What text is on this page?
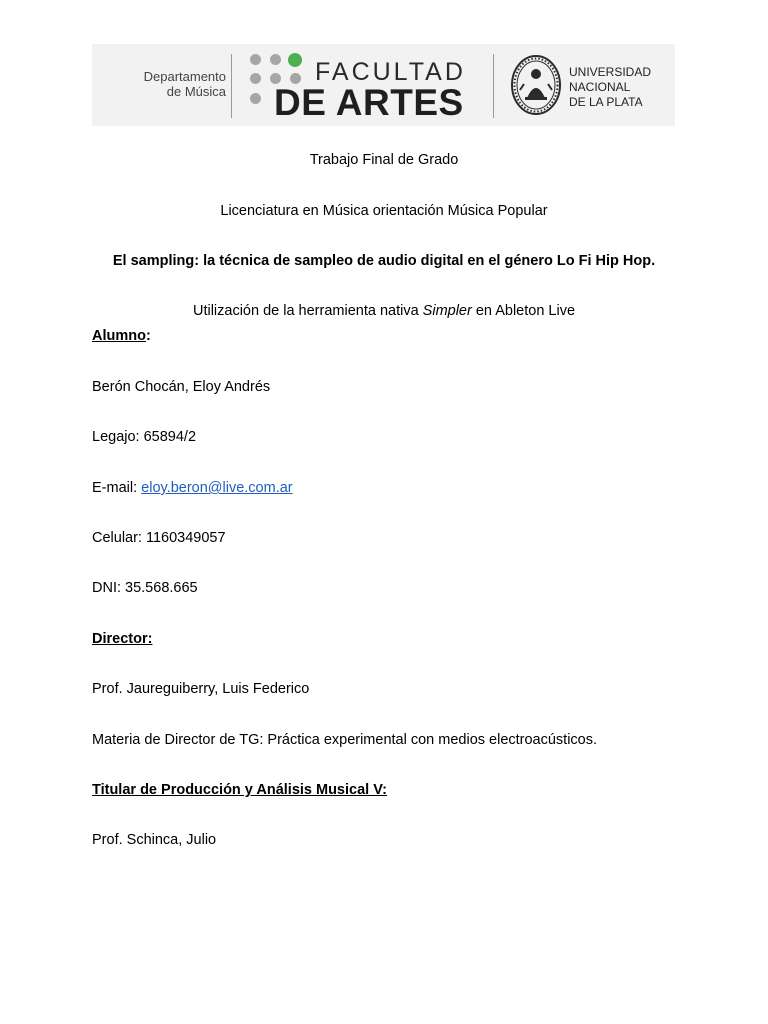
Departamento
de Música
FACULTAD
DE ARTES
UNIVERSIDAD
NACIONAL
DE LA PLATA
Trabajo Final de Grado
Licenciatura en Música orientación Música Popular
El sampling: la técnica de sampleo de audio digital en el género Lo Fi Hip Hop.
Utilización de la herramienta nativa Simpler en Ableton Live
Alumno:
Berón Chocán, Eloy Andrés
Legajo: 65894/2
E-mail: eloy.beron@live.com.ar
Celular: 1160349057
DNI: 35.568.665
Director:
Prof. Jaureguiberry, Luis Federico
Materia de Director de TG: Práctica experimental con medios electroacústicos.
Titular de Producción y Análisis Musical V:
Prof. Schinca, Julio
